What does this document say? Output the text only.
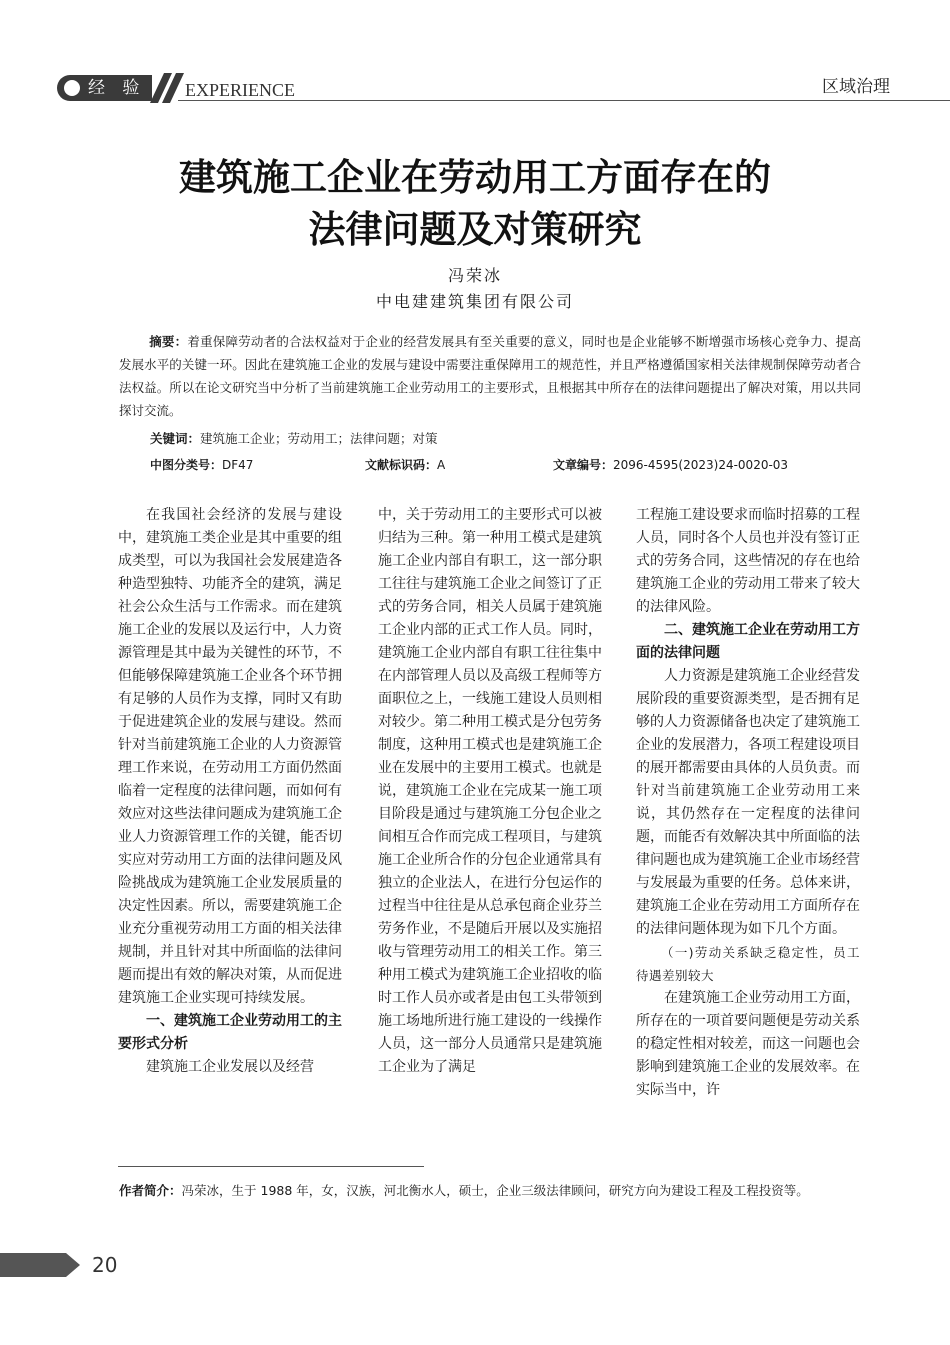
经 验 EXPERIENCE	区域治理
建筑施工企业在劳动用工方面存在的
法律问题及对策研究
冯荣冰
中电建建筑集团有限公司
摘要：着重保障劳动者的合法权益对于企业的经营发展具有至关重要的意义，同时也是企业能够不断增强市场核心竞争力、提高发展水平的关键一环。因此在建筑施工企业的发展与建设中需要注重保障用工的规范性，并且严格遵循国家相关法律规制保障劳动者合法权益。所以在论文研究当中分析了当前建筑施工企业劳动用工的主要形式，且根据其中所存在的法律问题提出了解决对策，用以共同探讨交流。
关键词：建筑施工企业；劳动用工；法律问题；对策
中图分类号：DF47	文献标识码：A	文章编号：2096-4595(2023)24-0020-03

在我国社会经济的发展与建设中，建筑施工类企业是其中重要的组成类型，可以为我国社会发展建造各种造型独特、功能齐全的建筑，满足社会公众生活与工作需求。而在建筑施工企业的发展以及运行中，人力资源管理是其中最为关键性的环节，不但能够保障建筑施工企业各个环节拥有足够的人员作为支撑，同时又有助于促进建筑企业的发展与建设。然而针对当前建筑施工企业的人力资源管理工作来说，在劳动用工方面仍然面临着一定程度的法律问题，而如何有效应对这些法律问题成为建筑施工企业人力资源管理工作的关键，能否切实应对劳动用工方面的法律问题及风险挑战成为建筑施工企业发展质量的决定性因素。所以，需要建筑施工企业充分重视劳动用工方面的相关法律规制，并且针对其中所面临的法律问题而提出有效的解决对策，从而促进建筑施工企业实现可持续发展。

一、建筑施工企业劳动用工的主要形式分析

建筑施工企业发展以及经营

中，关于劳动用工的主要形式可以被归结为三种。第一种用工模式是建筑施工企业内部自有职工，这一部分职工往往与建筑施工企业之间签订了正式的劳务合同，相关人员属于建筑施工企业内部的正式工作人员。同时，建筑施工企业内部自有职工往往集中在内部管理人员以及高级工程师等方面职位之上，一线施工建设人员则相对较少。第二种用工模式是分包劳务制度，这种用工模式也是建筑施工企业在发展中的主要用工模式。也就是说，建筑施工企业在完成某一施工项目阶段是通过与建筑施工分包企业之间相互合作而完成工程项目，与建筑施工企业所合作的分包企业通常具有独立的企业法人，在进行分包运作的过程当中往往是从总承包商企业芬兰劳务作业，不是随后开展以及实施招收与管理劳动用工的相关工作。第三种用工模式为建筑施工企业招收的临时工作人员亦或者是由包工头带领到施工场地所进行施工建设的一线操作人员，这一部分人员通常只是建筑施工企业为了满足

工程施工建设要求而临时招募的工程人员，同时各个人员也并没有签订正式的劳务合同，这些情况的存在也给建筑施工企业的劳动用工带来了较大的法律风险。

二、建筑施工企业在劳动用工方面的法律问题

人力资源是建筑施工企业经营发展阶段的重要资源类型，是否拥有足够的人力资源储备也决定了建筑施工企业的发展潜力，各项工程建设项目的展开都需要由具体的人员负责。而针对当前建筑施工企业劳动用工来说，其仍然存在一定程度的法律问题，而能否有效解决其中所面临的法律问题也成为建筑施工企业市场经营与发展最为重要的任务。总体来讲，建筑施工企业在劳动用工方面所存在的法律问题体现为如下几个方面。

（一)劳动关系缺乏稳定性，员工待遇差别较大

在建筑施工企业劳动用工方面，所存在的一项首要问题便是劳动关系的稳定性相对较差，而这一问题也会影响到建筑施工企业的发展效率。在实际当中，许

作者简介：冯荣冰，生于 1988 年，女，汉族，河北衡水人，硕士，企业三级法律顾问，研究方向为建设工程及工程投资等。
20
